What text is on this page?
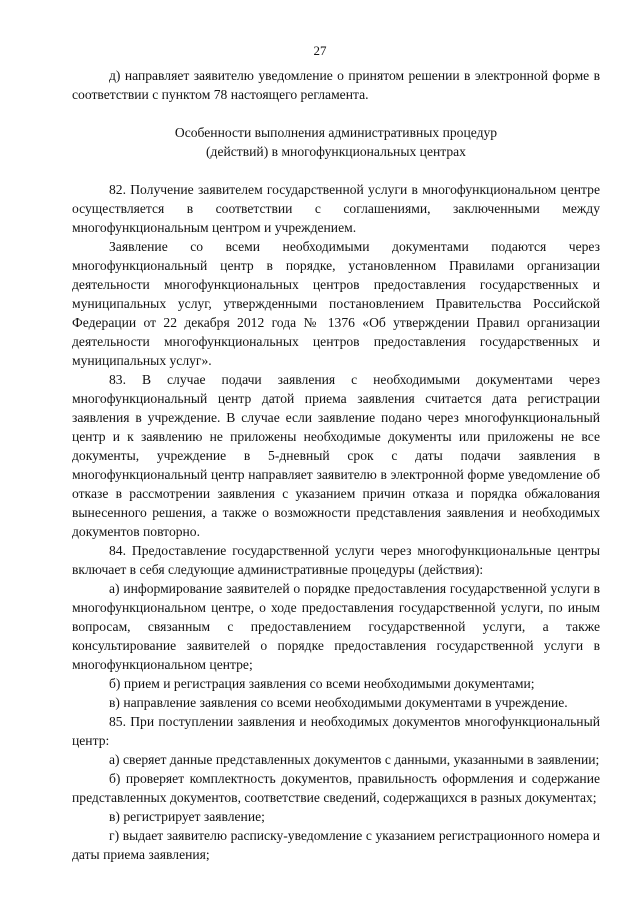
27

д) направляет заявителю уведомление о принятом решении в электронной форме в соответствии с пунктом 78 настоящего регламента.

Особенности выполнения административных процедур
(действий) в многофункциональных центрах

82. Получение заявителем государственной услуги в многофункциональном центре осуществляется в соответствии с соглашениями, заключенными между многофункциональным центром и учреждением.

Заявление со всеми необходимыми документами подаются через многофункциональный центр в порядке, установленном Правилами организации деятельности многофункциональных центров предоставления государственных и муниципальных услуг, утвержденными постановлением Правительства Российской Федерации от 22 декабря 2012 года № 1376 «Об утверждении Правил организации деятельности многофункциональных центров предоставления государственных и муниципальных услуг».

83. В случае подачи заявления с необходимыми документами через многофункциональный центр датой приема заявления считается дата регистрации заявления в учреждение. В случае если заявление подано через многофункциональный центр и к заявлению не приложены необходимые документы или приложены не все документы, учреждение в 5-дневный срок с даты подачи заявления в многофункциональный центр направляет заявителю в электронной форме уведомление об отказе в рассмотрении заявления с указанием причин отказа и порядка обжалования вынесенного решения, а также о возможности представления заявления и необходимых документов повторно.

84. Предоставление государственной услуги через многофункциональные центры включает в себя следующие административные процедуры (действия):

а) информирование заявителей о порядке предоставления государственной услуги в многофункциональном центре, о ходе предоставления государственной услуги, по иным вопросам, связанным с предоставлением государственной услуги, а также консультирование заявителей о порядке предоставления государственной услуги в многофункциональном центре;

б) прием и регистрация заявления со всеми необходимыми документами;

в) направление заявления со всеми необходимыми документами в учреждение.

85. При поступлении заявления и необходимых документов многофункциональный центр:

а) сверяет данные представленных документов с данными, указанными в заявлении;

б) проверяет комплектность документов, правильность оформления и содержание представленных документов, соответствие сведений, содержащихся в разных документах;

в) регистрирует заявление;

г) выдает заявителю расписку-уведомление с указанием регистрационного номера и даты приема заявления;
